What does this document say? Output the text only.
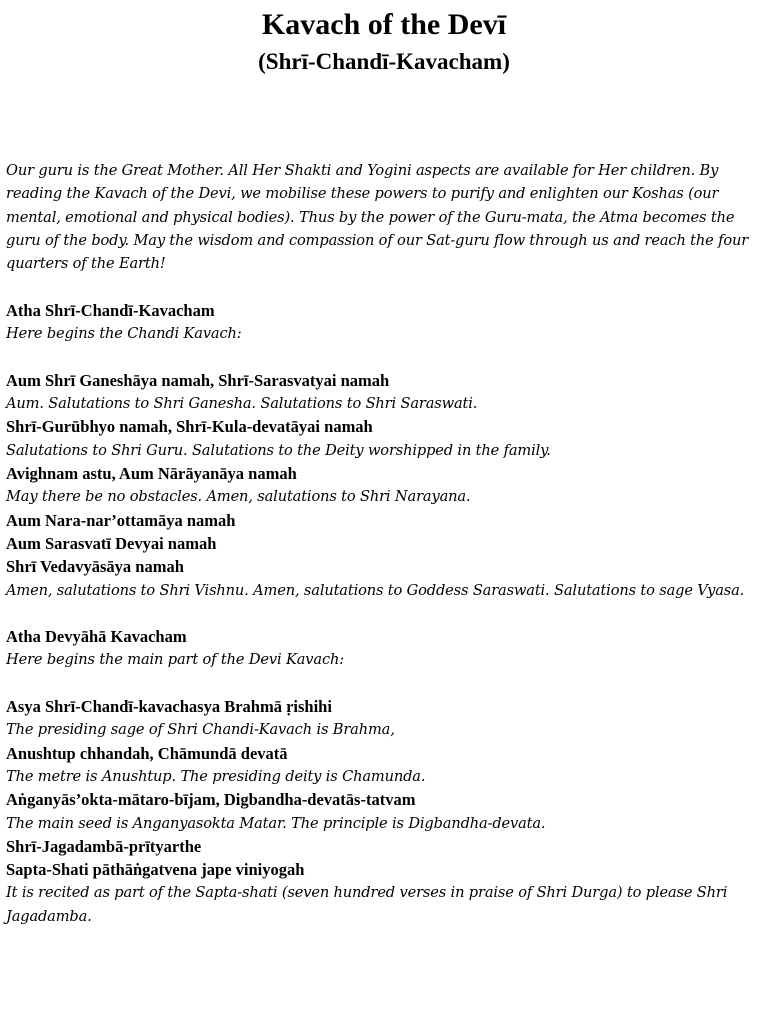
Kavach of the Devī
(Shrī-Chandī-Kavacham)
Our guru is the Great Mother. All Her Shakti and Yogini aspects are available for Her children. By reading the Kavach of the Devi, we mobilise these powers to purify and enlighten our Koshas (our mental, emotional and physical bodies). Thus by the power of the Guru-mata, the Atma becomes the guru of the body. May the wisdom and compassion of our Sat-guru flow through us and reach the four quarters of the Earth!
Atha Shrī-Chandī-Kavacham
Here begins the Chandi Kavach:
Aum Shrī Ganeshāya namah, Shrī-Sarasvatyai namah
Aum. Salutations to Shri Ganesha. Salutations to Shri Saraswati.
Shrī-Gurūbhyo namah, Shrī-Kula-devatāyai namah
Salutations to Shri Guru. Salutations to the Deity worshipped in the family.
Avighnam astu, Aum Nārāyanāya namah
May there be no obstacles. Amen, salutations to Shri Narayana.
Aum Nara-nar’ottamāya namah
Aum Sarasvatī Devyai namah
Shrī Vedavyāsāya namah
Amen, salutations to Shri Vishnu. Amen, salutations to Goddess Saraswati. Salutations to sage Vyasa.
Atha Devyāhā Kavacham
Here begins the main part of the Devi Kavach:
Asya Shrī-Chandī-kavachasya Brahmā ṛishihi
The presiding sage of Shri Chandi-Kavach is Brahma,
Anushtup chhandah, Chāmundā devatā
The metre is Anushtup. The presiding deity is Chamunda.
Aṅganyās’okta-mātaro-bījam, Digbandha-devatās-tatvam
The main seed is Anganyasokta Matar. The principle is Digbandha-devata.
Shrī-Jagadambā-prītyarthe
Sapta-Shati pāthāṅgatvena jape viniyogah
It is recited as part of the Sapta-shati (seven hundred verses in praise of Shri Durga) to please Shri Jagadamba.
